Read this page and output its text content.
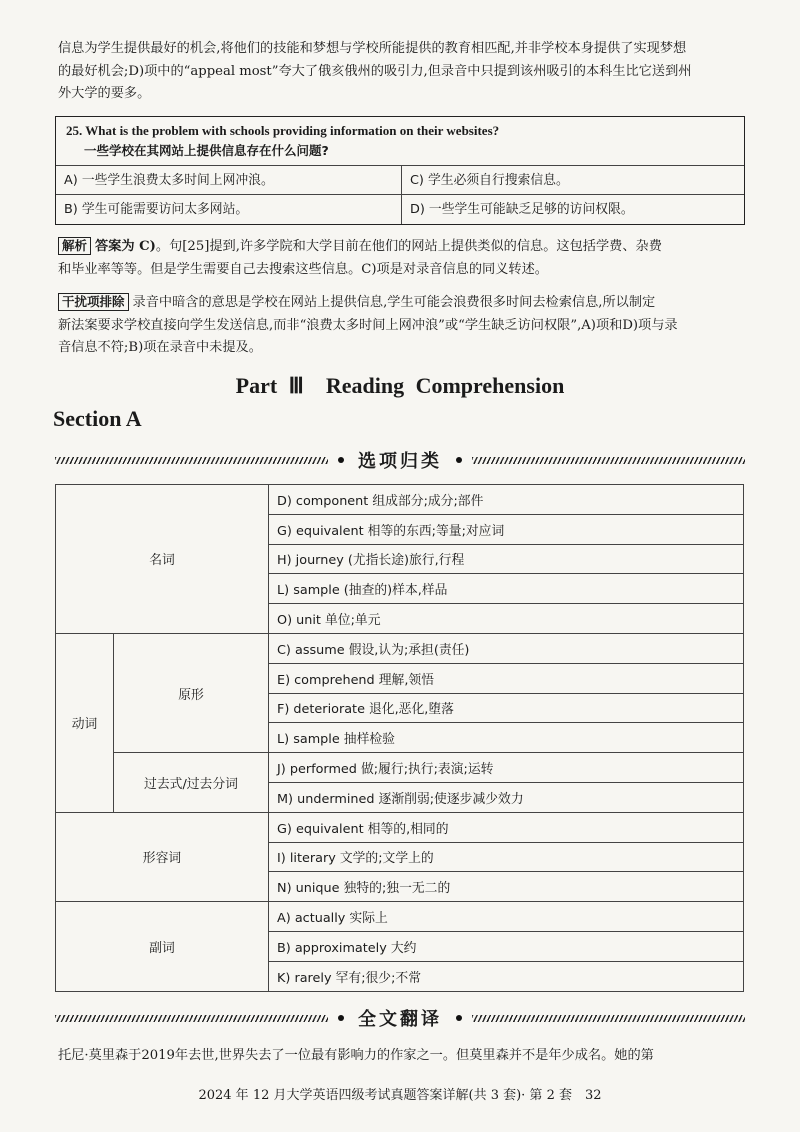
信息为学生提供最好的机会,将他们的技能和梦想与学校所能提供的教育相匹配,并非学校本身提供了实现梦想
的最好机会;D)项中的“appeal most”夸大了俄亥俄州的吸引力,但录音中只提到该州吸引的本科生比它送到州
外大学的要多。
25. What is the problem with schools providing information on their websites?
一些学校在其网站上提供信息存在什么问题?
A) 一些学生浪费太多时间上网冲浪。	C) 学生必须自行搜索信息。
B) 学生可能需要访问太多网站。	D) 一些学生可能缺乏足够的访问权限。
解析 答案为 C)。句[25]提到,许多学院和大学目前在他们的网站上提供类似的信息。这包括学费、杂费
和毕业率等等。但是学生需要自己去搜索这些信息。C)项是对录音信息的同义转述。
干扰项排除 录音中暗含的意思是学校在网站上提供信息,学生可能会浪费很多时间去检索信息,所以制定
新法案要求学校直接向学生发送信息,而非“浪费太多时间上网冲浪”或“学生缺乏访问权限”,A)项和D)项与录
音信息不符;B)项在录音中未提及。
Part Ⅲ　Reading Comprehension
Section A
选项归类
名词		D) component 组成部分;成分;部件
		G) equivalent 相等的东西;等量;对应词
		H) journey (尤指长途)旅行,行程
		L) sample (抽查的)样本,样品
		O) unit 单位;单元
动词	原形	C) assume 假设,认为;承担(责任)
		E) comprehend 理解,领悟
		F) deteriorate 退化,恶化,堕落
		L) sample 抽样检验
	过去式/过去分词	J) performed 做;履行;执行;表演;运转
		M) undermined 逐渐削弱;使逐步减少效力
形容词		G) equivalent 相等的,相同的
		I) literary 文学的;文学上的
		N) unique 独特的;独一无二的
副词		A) actually 实际上
		B) approximately 大约
		K) rarely 罕有;很少;不常
全文翻译
托尼·莫里森于2019年去世,世界失去了一位最有影响力的作家之一。但莫里森并不是年少成名。她的第
2024 年 12 月大学英语四级考试真题答案详解(共 3 套)· 第 2 套　32
